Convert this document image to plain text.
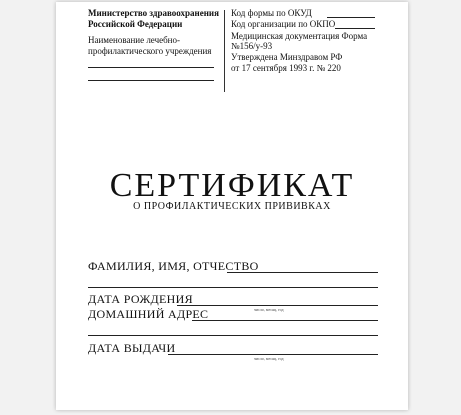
Министерство здравоохранения
Российской Федерации
Наименование лечебно-
профилактического учреждения
Код формы по ОКУД
Код организации по ОКПО
Медицинская документация Форма
№156/у-93
Утверждена Минздравом РФ
от 17 сентября 1993 г. № 220
СЕРТИФИКАТ
О ПРОФИЛАКТИЧЕСКИХ ПРИВИВКАХ
ФАМИЛИЯ, ИМЯ, ОТЧЕСТВО
ДАТА РОЖДЕНИЯ
число, месяц, год
ДОМАШНИЙ АДРЕС
ДАТА ВЫДАЧИ
число, месяц, год
